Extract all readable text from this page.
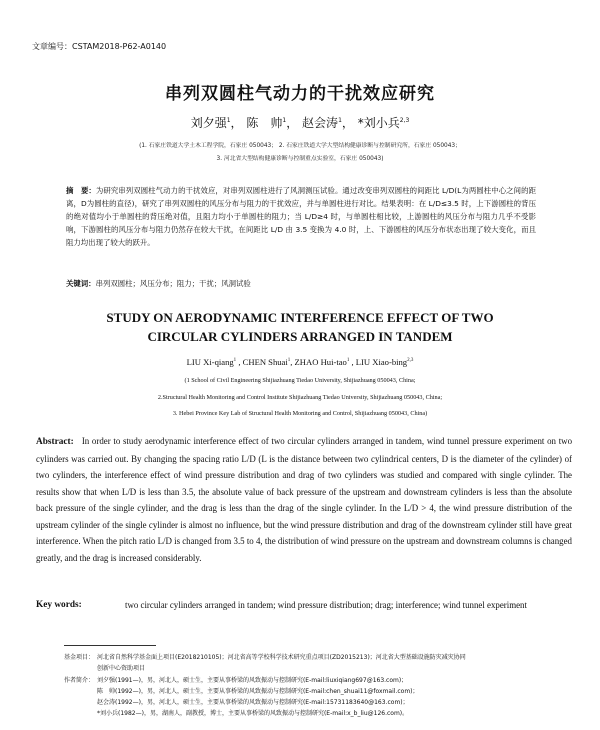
文章编号：CSTAM2018-P62-A0140
串列双圆柱气动力的干扰效应研究
刘夕强$^1$， 陈　帅$^1$， 赵会涛$^1$， *刘小兵$^{2,3}$
(1. 石家庄铁道大学土木工程学院，石家庄 050043； 2. 石家庄铁道大学大型结构健康诊断与控制研究所，石家庄 050043；
3. 河北省大型结构健康诊断与控制重点实验室，石家庄 050043)
摘　要：为研究串列双圆柱气动力的干扰效应，对串列双圆柱进行了风洞测压试验。通过改变串列双圆柱的间距比 L/D(L为两圆柱中心之间的距离，D为圆柱的直径)，研究了串列双圆柱的风压分布与阻力的干扰效应，并与单圆柱进行对比。结果表明：在 L/D≤3.5 时，上下游圆柱的背压的绝对值均小于单圆柱的背压绝对值，且阻力均小于单圆柱的阻力；当 L/D≥4 时，与单圆柱相比较，上游圆柱的风压分布与阻力几乎不受影响，下游圆柱的风压分布与阻力仍然存在较大干扰，在间距比 L/D 由 3.5 变换为 4.0 时，上、下游圆柱的风压分布状态出现了较大变化，而且阻力均出现了较大的跃升。
关键词：串列双圆柱；风压分布；阻力；干扰；风洞试验
STUDY ON AERODYNAMIC INTERFERENCE EFFECT OF TWO
CIRCULAR CYLINDERS ARRANGED IN TANDEM
LIU Xi-qiang$^1$ , CHEN Shuai$^1$, ZHAO Hui-tao$^1$ , LIU Xiao-bing$^{2,3}$
(1 School of Civil Engineering Shijiazhuang Tiedao University, Shijiazhuang 050043, China;
2.Structural Health Monitoring and Control Institute Shijiazhuang Tiedao University, Shijiazhuang 050043, China;
3. Hebei Province Key Lab of Structural Health Monitoring and Control, Shijiazhuang 050043, China)
Abstract: In order to study aerodynamic interference effect of two circular cylinders arranged in tandem, wind tunnel pressure experiment on two cylinders was carried out. By changing the spacing ratio L/D (L is the distance between two cylindrical centers, D is the diameter of the cylinder) of two cylinders, the interference effect of wind pressure distribution and drag of two cylinders was studied and compared with single cylinder. The results show that when L/D is less than 3.5, the absolute value of back pressure of the upstream and downstream cylinders is less than the absolute back pressure of the single cylinder, and the drag is less than the drag of the single cylinder. In the L/D > 4, the wind pressure distribution of the upstream cylinder of the single cylinder is almost no influence, but the wind pressure distribution and drag of the downstream cylinder still have great interference. When the pitch ratio L/D is changed from 3.5 to 4, the distribution of wind pressure on the upstream and downstream columns is changed greatly, and the drag is increased considerably.
Key words:	two circular cylinders arranged in tandem; wind pressure distribution; drag; interference; wind tunnel experiment
基金项目： 河北省自然科学基金面上项目(E2018210105)；河北省高等学校科学技术研究重点项目(ZD2015213)；河北省大型基础设施防灾减灾协同
创新中心资助项目
作者简介： 刘夕强(1991—)，男，河北人，硕士生，主要从事桥梁的风致振动与控制研究(E-mail:liuxiqiang697@163.com)；
陈　帅(1992—)，男，河北人，硕士生，主要从事桥梁的风致振动与控制研究(E-mail:chen_shuai11@foxmail.com)；
赵会涛(1992—)，男，河北人，硕士生，主要从事桥梁的风致振动与控制研究(E-mail:15731183640@163.com)；
*刘小兵(1982—)，男，湖南人，副教授，博士，主要从事桥梁的风致振动与控制研究(E-mail:x_b_liu@126.com)。
